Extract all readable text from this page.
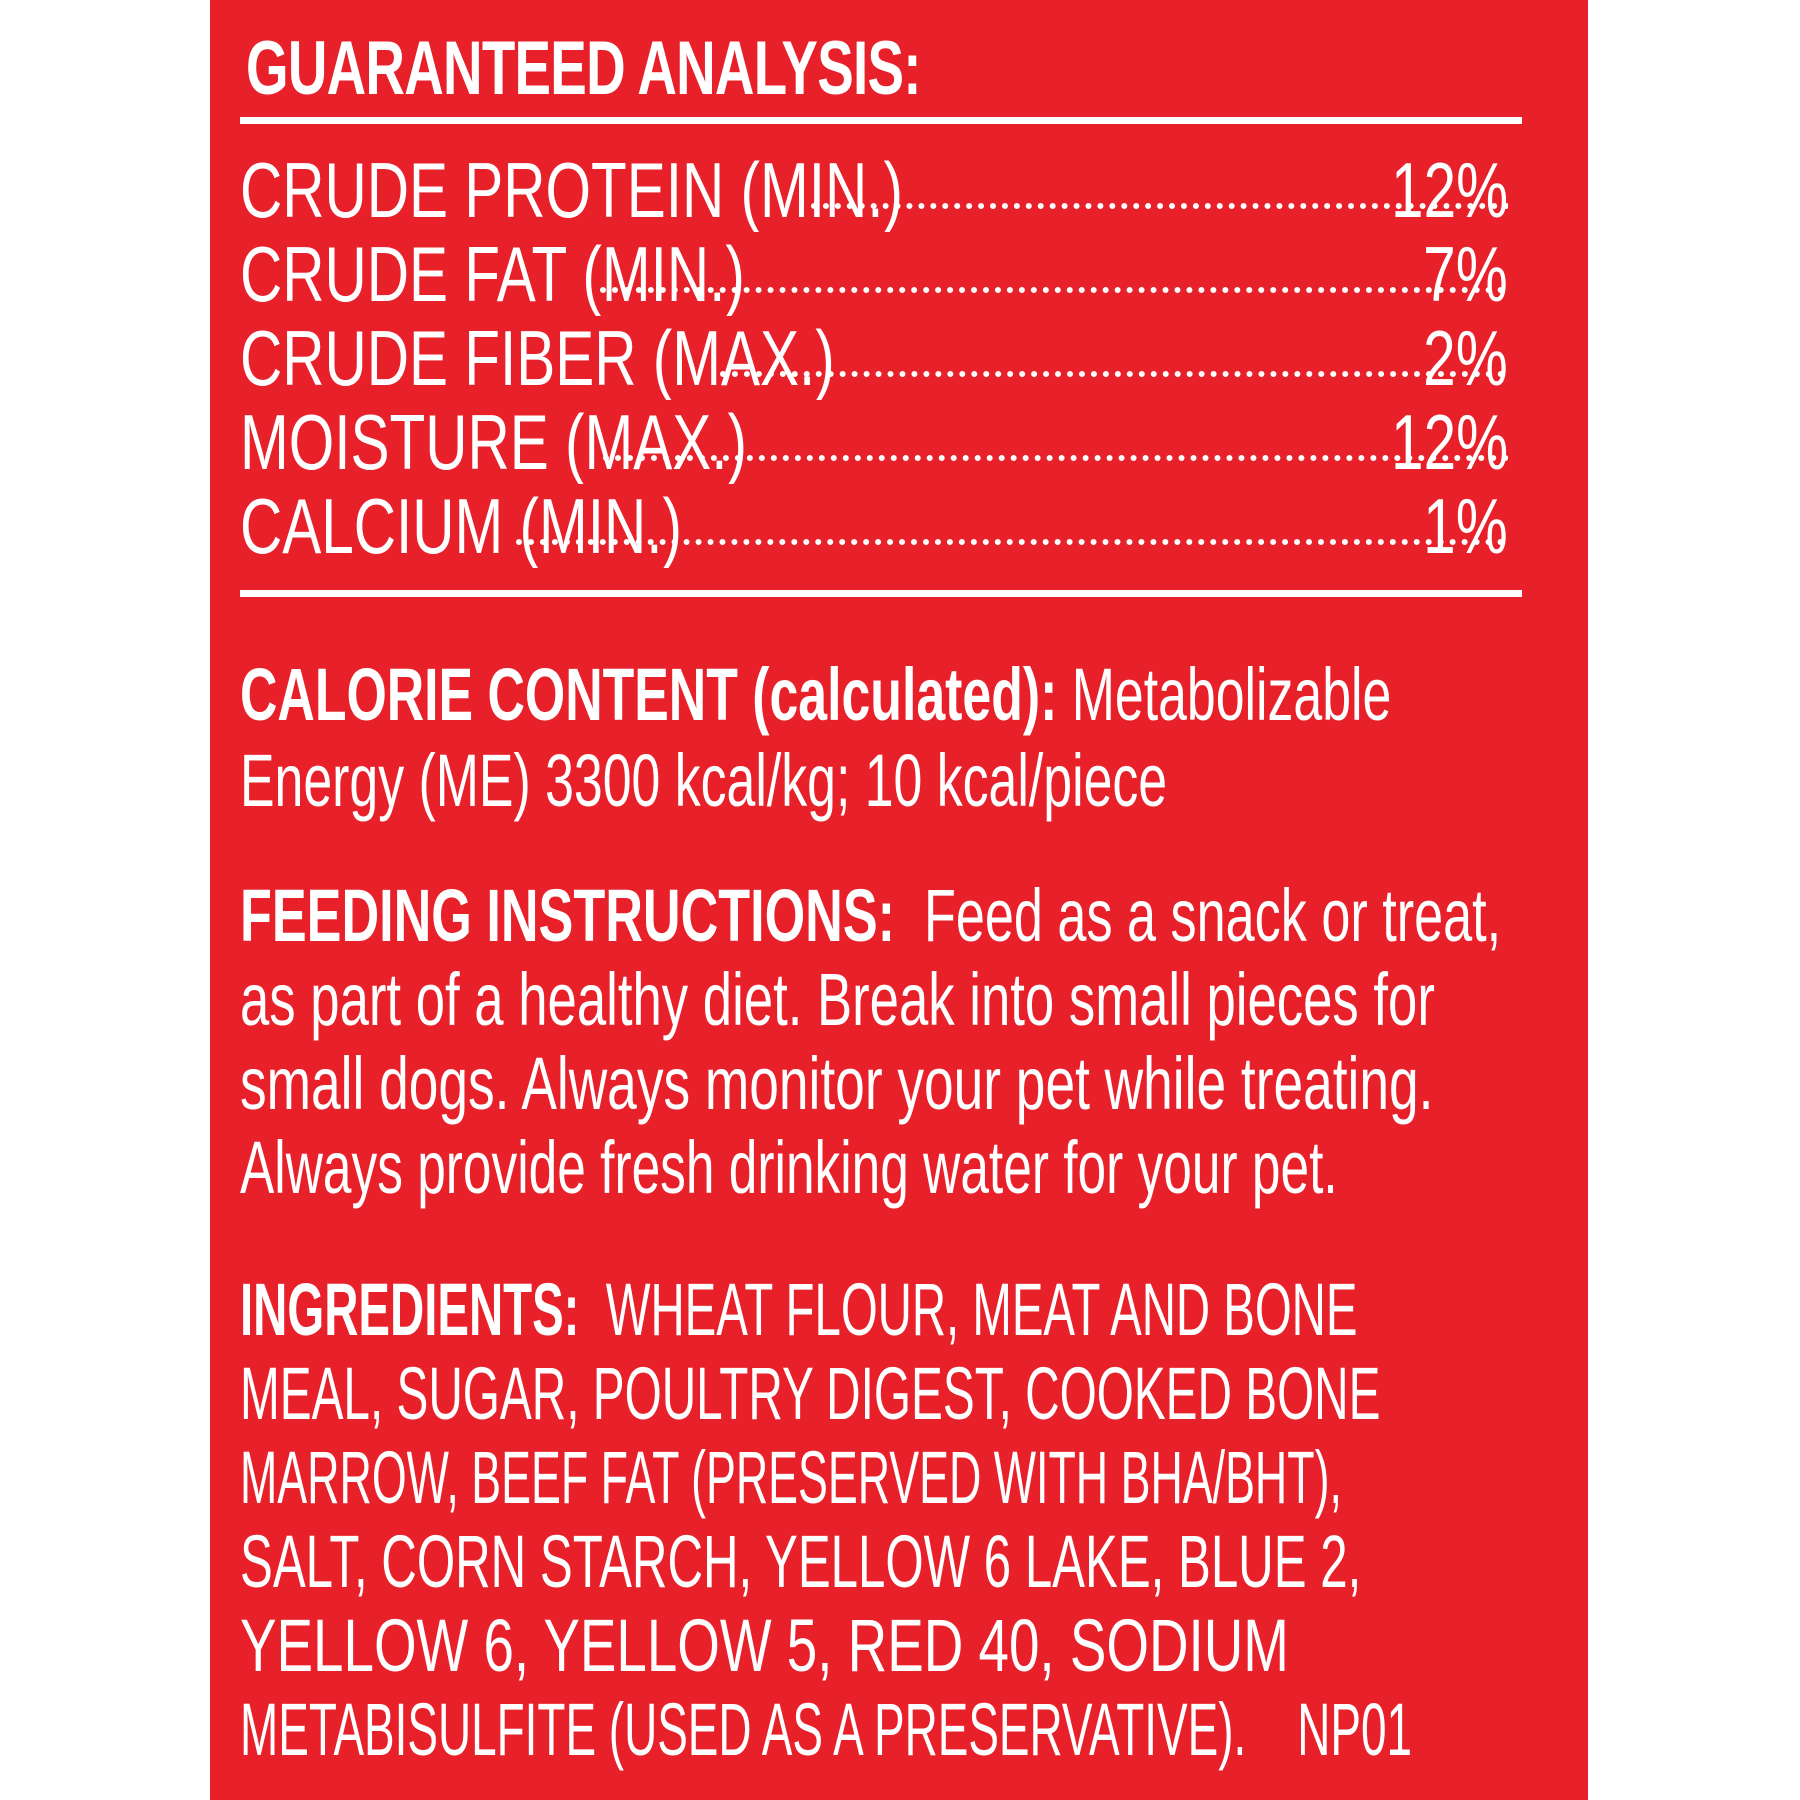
GUARANTEED ANALYSIS:
CRUDE PROTEIN (MIN.)	12%
CRUDE FAT (MIN.)	7%
CRUDE FIBER (MAX.)	2%
MOISTURE (MAX.)	12%
CALCIUM (MIN.)	1%

CALORIE CONTENT (calculated): Metabolizable

Energy (ME) 3300 kcal/kg; 10 kcal/piece

FEEDING INSTRUCTIONS: Feed as a snack or treat,

as part of a healthy diet. Break into small pieces for

small dogs. Always monitor your pet while treating.

Always provide fresh drinking water for your pet.

INGREDIENTS: WHEAT FLOUR, MEAT AND BONE

MEAL, SUGAR, POULTRY DIGEST, COOKED BONE

MARROW, BEEF FAT (PRESERVED WITH BHA/BHT),

SALT, CORN STARCH, YELLOW 6 LAKE, BLUE 2,

YELLOW 6, YELLOW 5, RED 40, SODIUM

METABISULFITE (USED AS A PRESERVATIVE). NP01
